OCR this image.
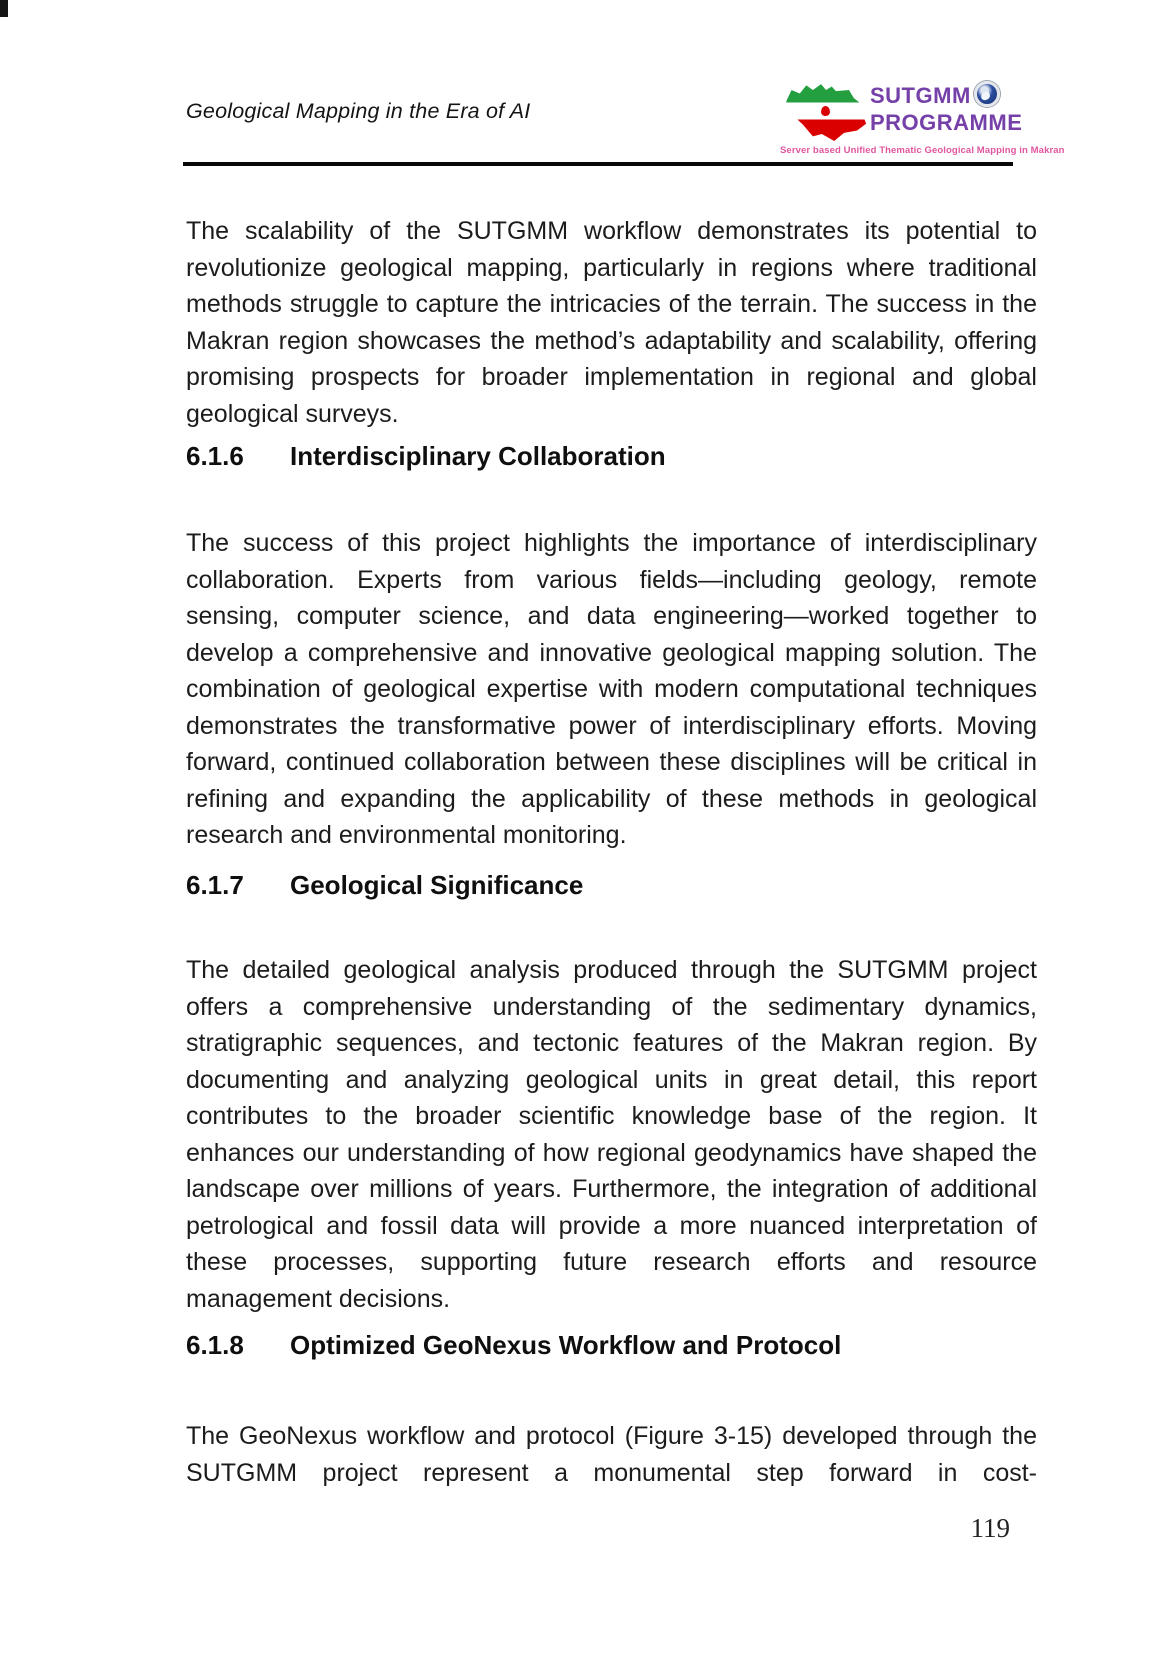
Geological Mapping in the Era of AI
SUTGMM
PROGRAMME
Server based Unified Thematic Geological Mapping in Makran

The scalability of the SUTGMM workflow demonstrates its potential to revolutionize geological mapping, particularly in regions where traditional methods struggle to capture the intricacies of the terrain. The success in the Makran region showcases the method’s adaptability and scalability, offering promising prospects for broader implementation in regional and global geological surveys.

6.1.6 Interdisciplinary Collaboration

The success of this project highlights the importance of interdisciplinary collaboration. Experts from various fields—including geology, remote sensing, computer science, and data engineering—worked together to develop a comprehensive and innovative geological mapping solution. The combination of geological expertise with modern computational techniques demonstrates the transformative power of interdisciplinary efforts. Moving forward, continued collaboration between these disciplines will be critical in refining and expanding the applicability of these methods in geological research and environmental monitoring.

6.1.7 Geological Significance

The detailed geological analysis produced through the SUTGMM project offers a comprehensive understanding of the sedimentary dynamics, stratigraphic sequences, and tectonic features of the Makran region. By documenting and analyzing geological units in great detail, this report contributes to the broader scientific knowledge base of the region. It enhances our understanding of how regional geodynamics have shaped the landscape over millions of years. Furthermore, the integration of additional petrological and fossil data will provide a more nuanced interpretation of these processes, supporting future research efforts and resource management decisions.

6.1.8 Optimized GeoNexus Workflow and Protocol

The GeoNexus workflow and protocol (Figure 3-15) developed through the SUTGMM project represent a monumental step forward in cost-

119
